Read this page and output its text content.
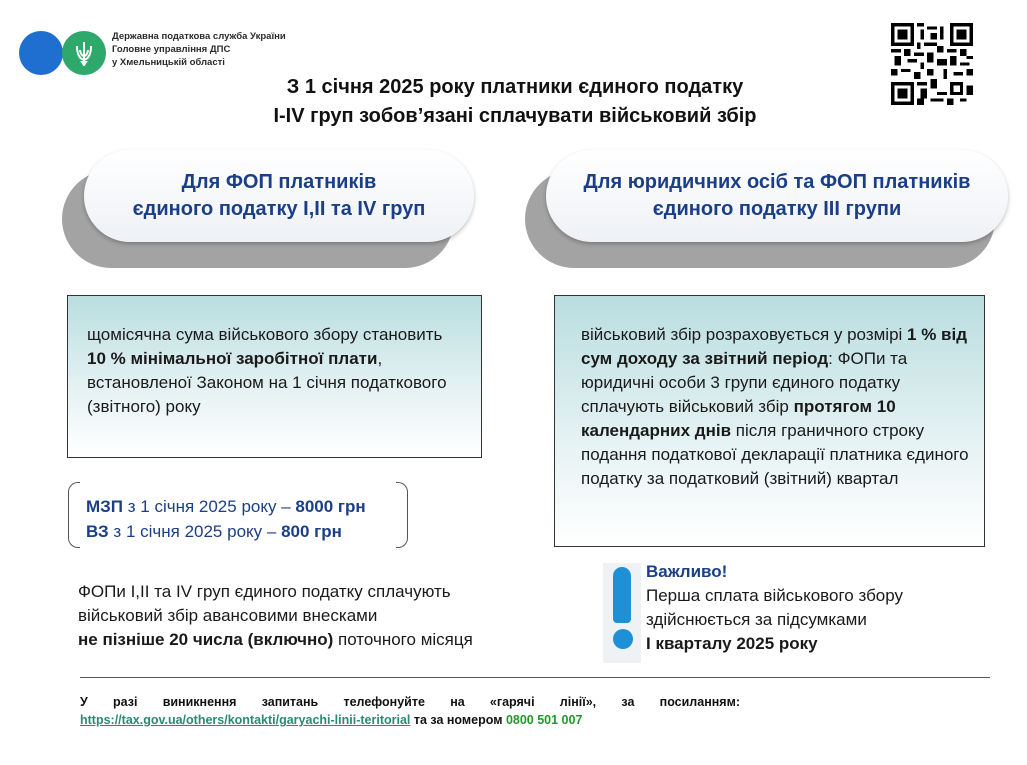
Державна податкова служба України
Головне управління ДПС
у Хмельницькій області
З 1 січня 2025 року платники єдиного податку
I-IV груп зобов’язані сплачувати військовий збір
Для ФОП платників
єдиного податку I,II та IV груп
Для юридичних осіб та ФОП платників
єдиного податку III групи
щомісячна сума військового збору становить 10 % мінімальної заробітної плати, встановленої Законом на 1 січня податкового (звітного) року
військовий збір розраховується у розмірі 1 % від сум доходу за звітний період: ФОПи та юридичні особи 3 групи єдиного податку сплачують військовий збір протягом 10 календарних днів після граничного строку подання податкової декларації платника єдиного податку за податковий (звітний) квартал
МЗП з 1 січня 2025 року – 8000 грн
ВЗ з 1 січня 2025 року – 800 грн
ФОПи I,II та IV груп єдиного податку сплачують
військовий збір авансовими внесками
не пізніше 20 числа (включно) поточного місяця
Важливо!
Перша сплата військового збору
здійснюється за підсумками
I кварталу 2025 року
У разі виникнення запитань телефонуйте на «гарячі лінії», за посиланням:
https://tax.gov.ua/others/kontakti/garyachi-linii-teritorial та за номером 0800 501 007
